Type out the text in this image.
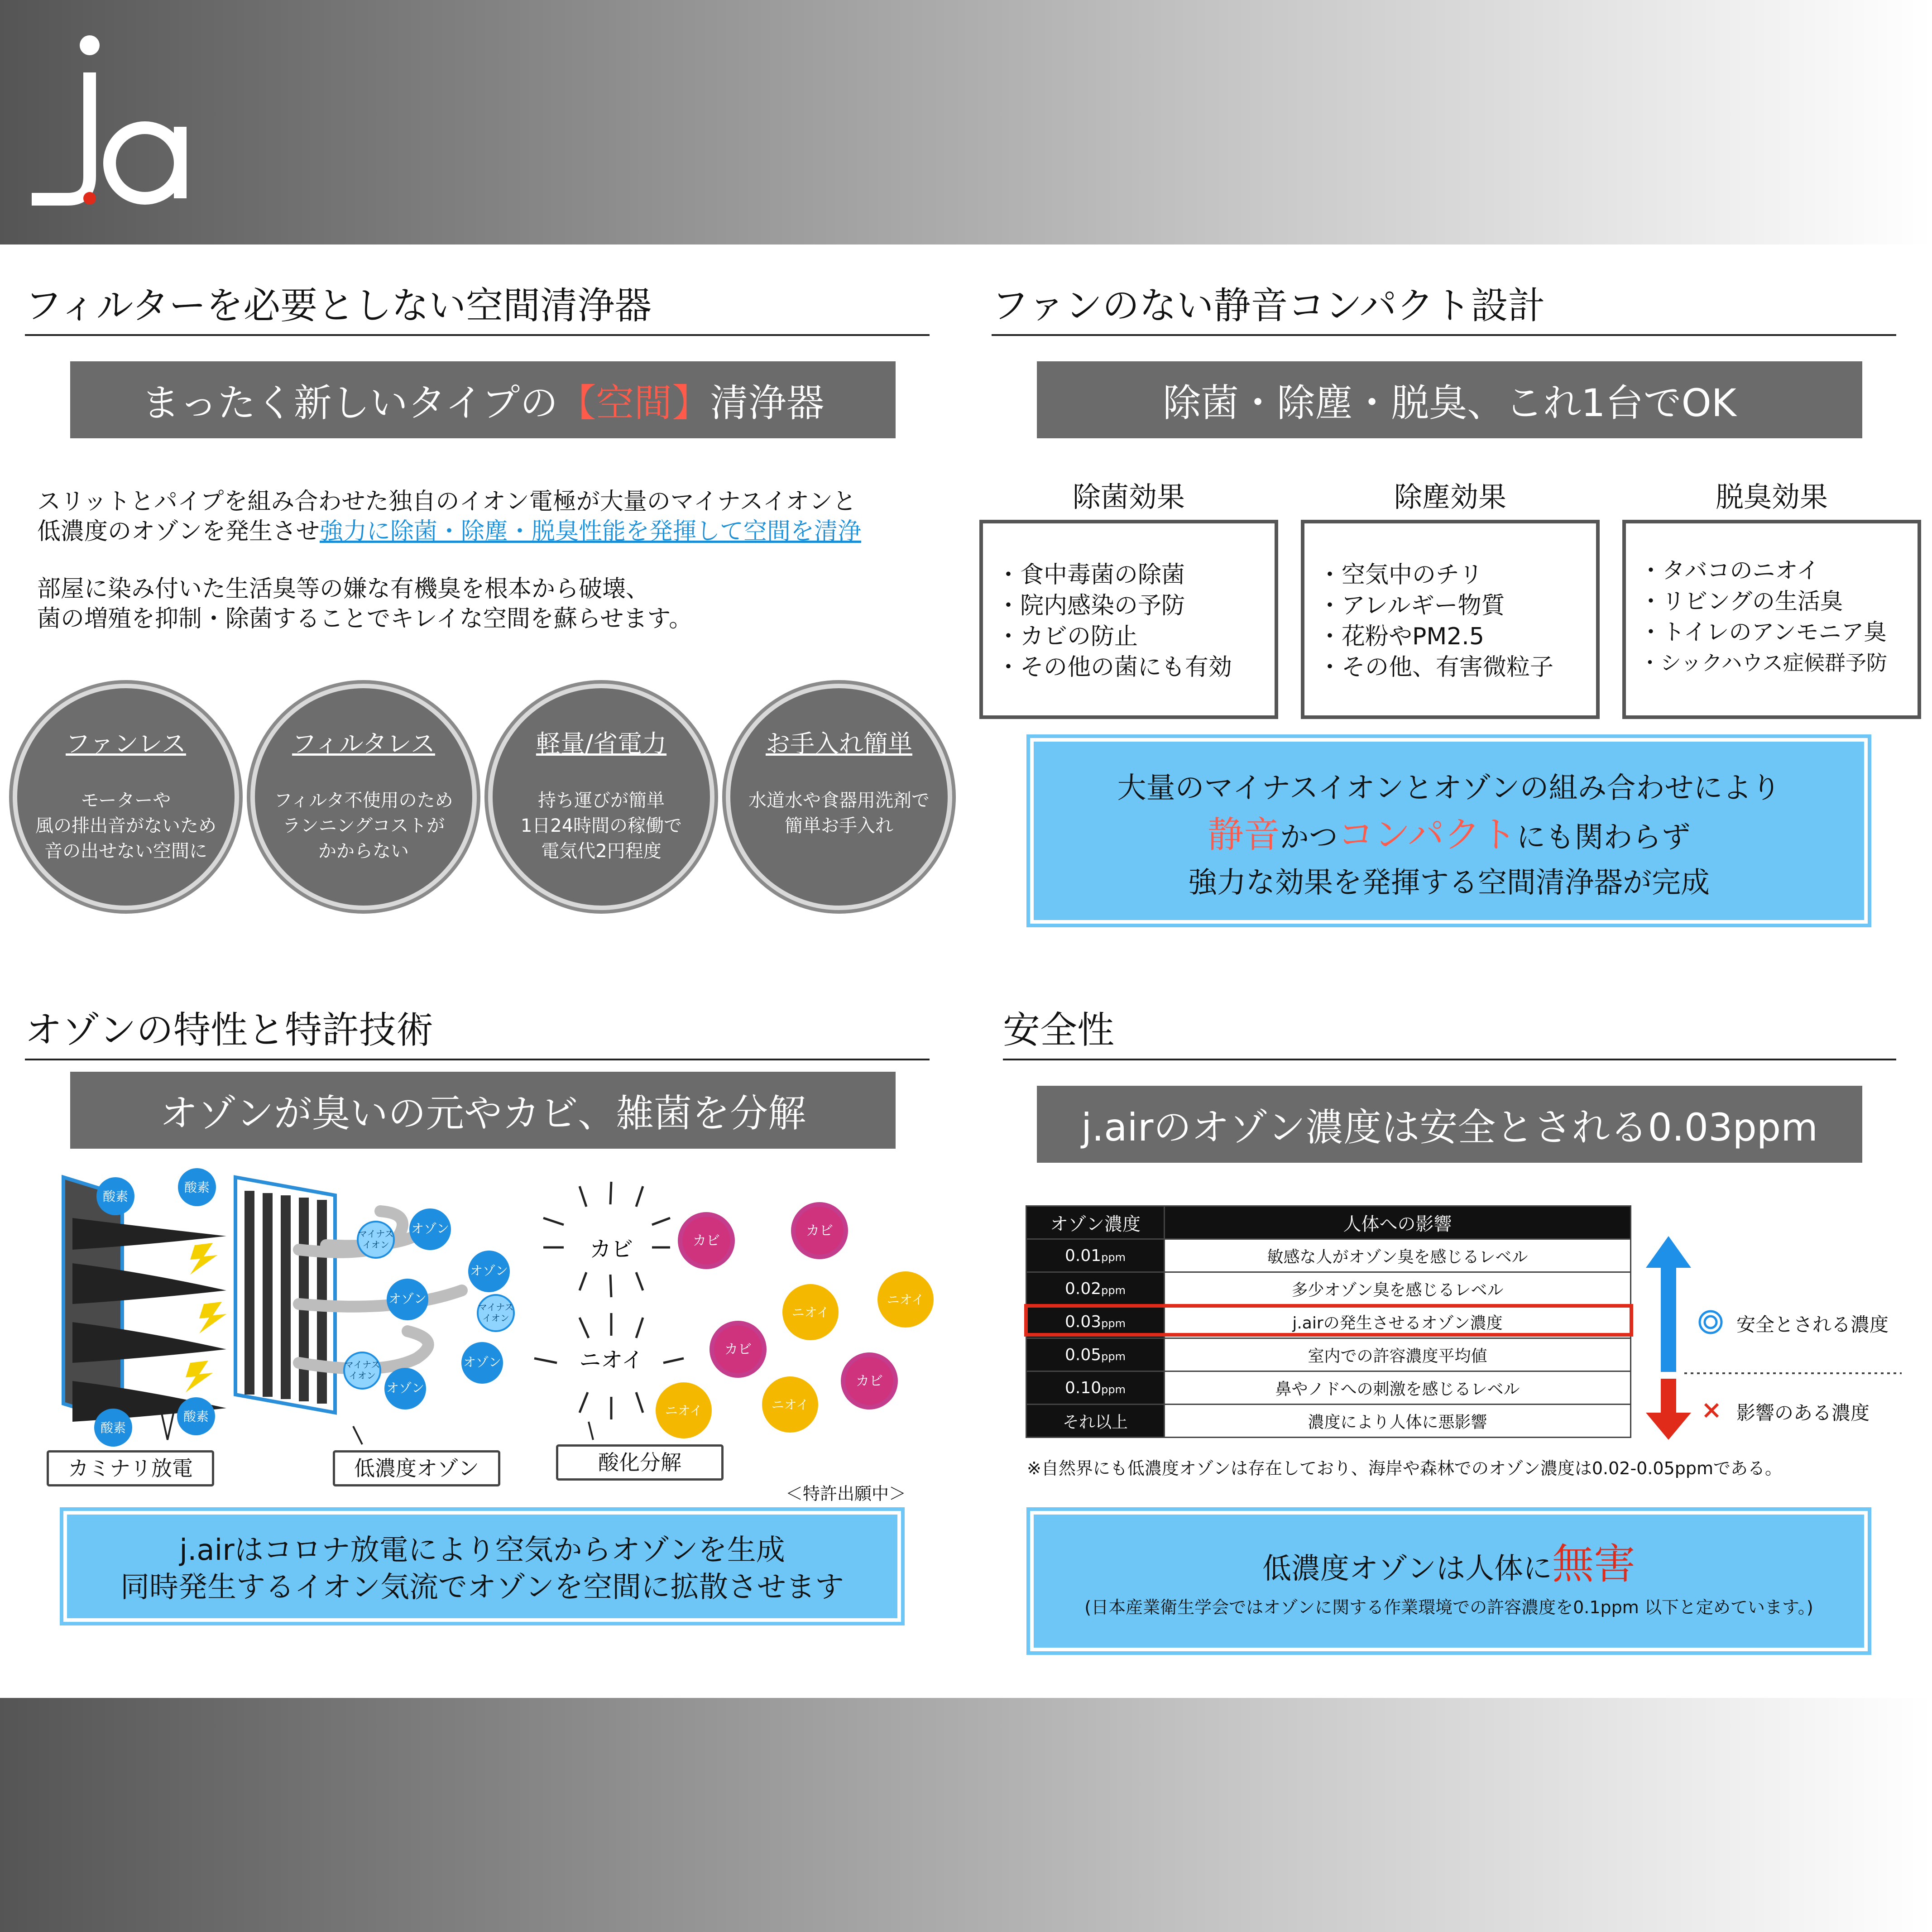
フィルターを必要としない空間清浄器
まったく新しいタイプの 【空間】 清浄器
スリットとパイプを組み合わせた独自のイオン電極が大量のマイナスイオンと
低濃度のオゾンを発生させ強力に除菌・除塵・脱臭性能を発揮して空間を清浄
部屋に染み付いた生活臭等の嫌な有機臭を根本から破壊、
菌の増殖を抑制・除菌することでキレイな空間を蘇らせます。
ファンレス
モーターや
風の排出音がないため
音の出せない空間に
フィルタレス
フィルタ不使用のため
ランニングコストが
かからない
軽量/省電力
持ち運びが簡単
1日24時間の稼働で
電気代2円程度
お手入れ簡単
水道水や食器用洗剤で
簡単お手入れ
ファンのない静音コンパクト設計
除菌・除塵・脱臭、これ1台でOK
除菌効果	除塵効果	脱臭効果
・食中毒菌の除菌
・院内感染の予防
・カビの防止
・その他の菌にも有効
・空気中のチリ
・アレルギー物質
・花粉やPM2.5
・その他、有害微粒子
・タバコのニオイ
・リビングの生活臭
・トイレのアンモニア臭
・シックハウス症候群予防
大量のマイナスイオンとオゾンの組み合わせにより
静音かつコンパクトにも関わらず
強力な効果を発揮する空間清浄器が完成
オゾンの特性と特許技術
オゾンが臭いの元やカビ、雑菌を分解
酸素
酸素
酸素
酸素
オゾン
オゾン
オゾン
オゾン
オゾン
マイナス
イオン
マイナス
イオン
マイナス
イオン
カビ
ニオイ
カビ
カビ
カビ
カビ
ニオイ
ニオイ
ニオイ	ニオイ
カミナリ放電	低濃度オゾン	酸化分解
＜特許出願中＞
j.airはコロナ放電により空気からオゾンを生成
同時発生するイオン気流でオゾンを空間に拡散させます
安全性
j.airのオゾン濃度は安全とされる0.03ppm
オゾン濃度	人体への影響
0.01ppm	敏感な人がオゾン臭を感じるレベル
0.02ppm	多少オゾン臭を感じるレベル
0.03ppm	j.airの発生させるオゾン濃度
0.05ppm	室内での許容濃度平均値
0.10ppm	鼻やノドへの刺激を感じるレベル
それ以上	濃度により人体に悪影響
安全とされる濃度
影響のある濃度
※自然界にも低濃度オゾンは存在しており、海岸や森林でのオゾン濃度は0.02-0.05ppmである。
低濃度オゾンは人体に無害
(日本産業衛生学会ではオゾンに関する作業環境での許容濃度を0.1ppm 以下と定めています。)
